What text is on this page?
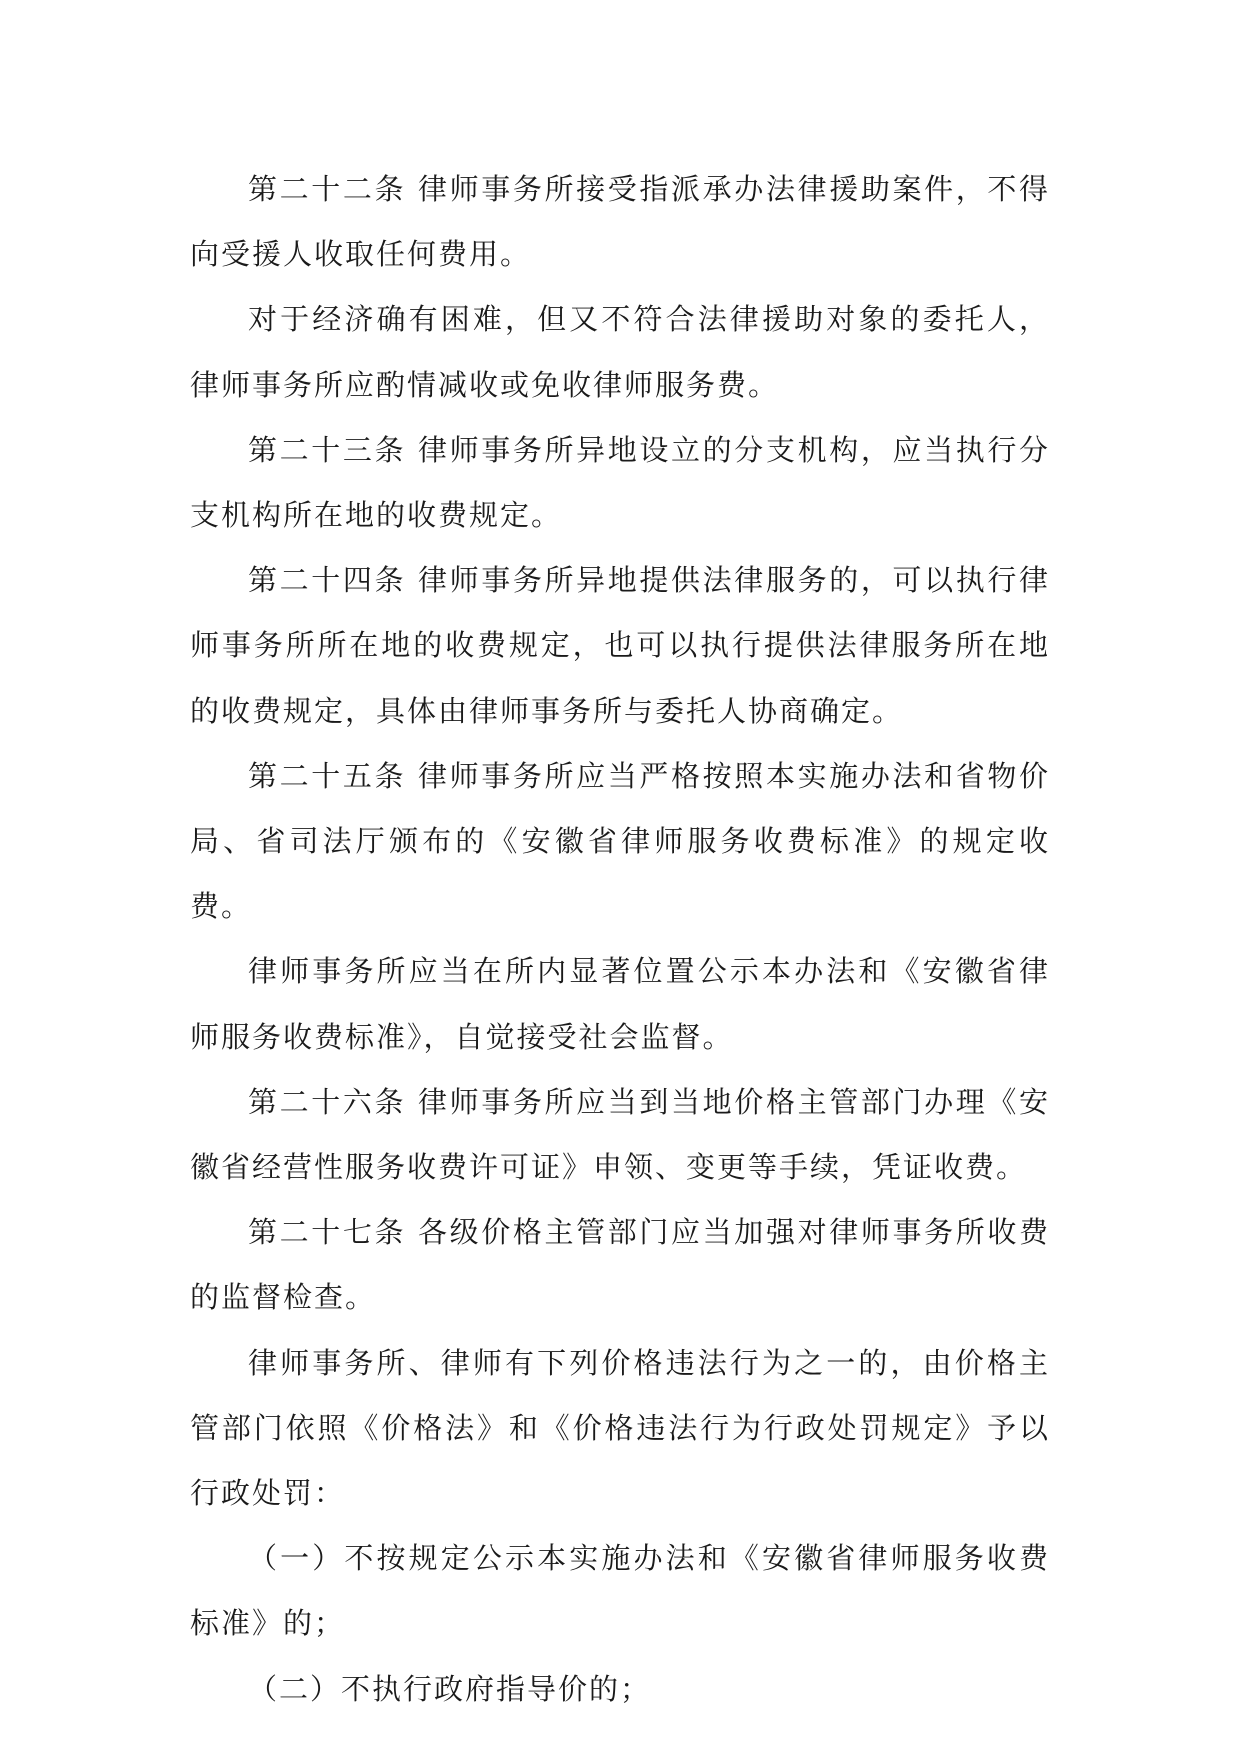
第二十二条 律师事务所接受指派承办法律援助案件，不得向受援人收取任何费用。

对于经济确有困难，但又不符合法律援助对象的委托人，律师事务所应酌情减收或免收律师服务费。

第二十三条 律师事务所异地设立的分支机构，应当执行分支机构所在地的收费规定。

第二十四条 律师事务所异地提供法律服务的，可以执行律师事务所所在地的收费规定，也可以执行提供法律服务所在地的收费规定，具体由律师事务所与委托人协商确定。

第二十五条 律师事务所应当严格按照本实施办法和省物价局、省司法厅颁布的《安徽省律师服务收费标准》的规定收费。

律师事务所应当在所内显著位置公示本办法和《安徽省律师服务收费标准》，自觉接受社会监督。

第二十六条 律师事务所应当到当地价格主管部门办理《安徽省经营性服务收费许可证》申领、变更等手续，凭证收费。

第二十七条 各级价格主管部门应当加强对律师事务所收费的监督检查。

律师事务所、律师有下列价格违法行为之一的，由价格主管部门依照《价格法》和《价格违法行为行政处罚规定》予以行政处罚：

（一）不按规定公示本实施办法和《安徽省律师服务收费标准》的；

（二）不执行政府指导价的；
